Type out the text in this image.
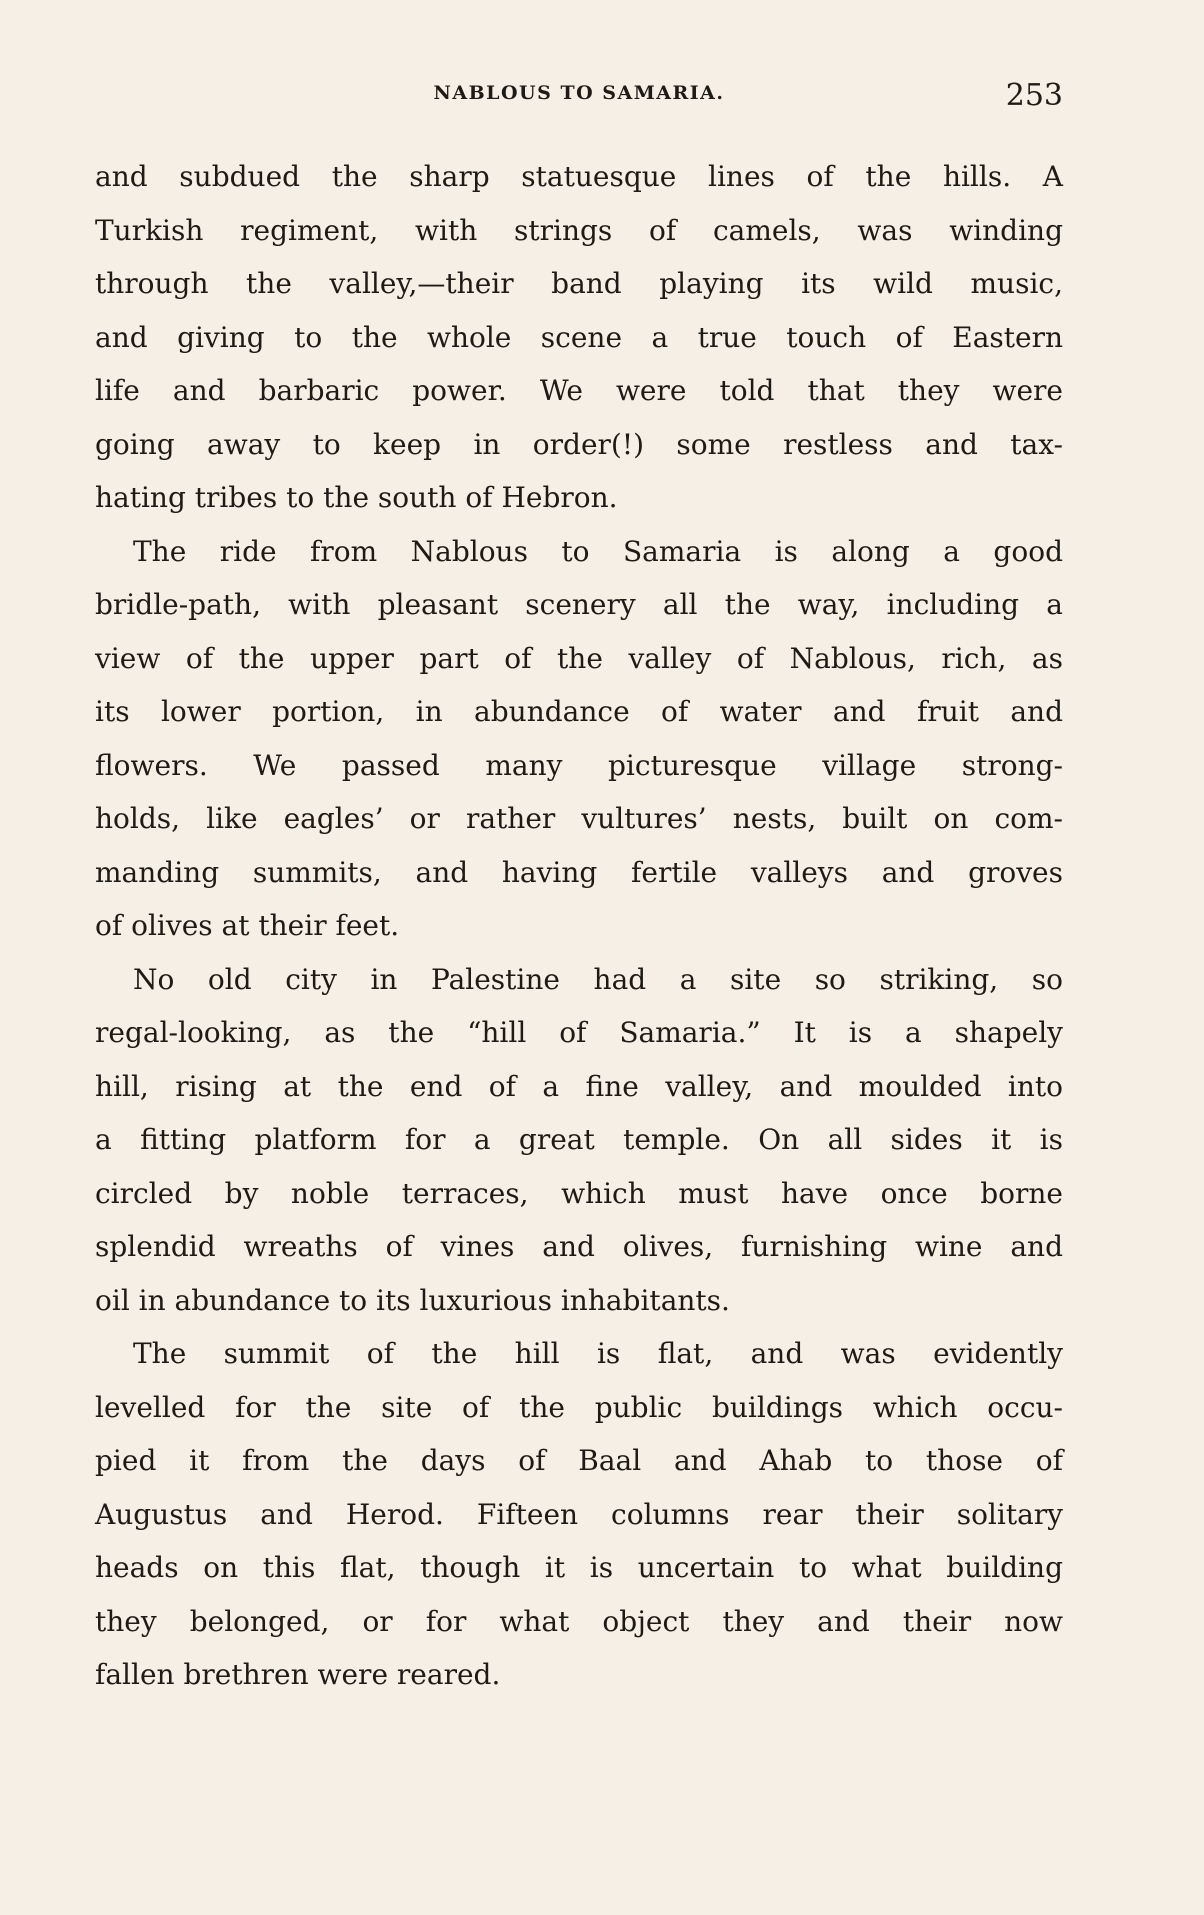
NABLOUS TO SAMARIA.	253
and subdued the sharp statuesque lines of the hills. A
Turkish regiment, with strings of camels, was winding
through the valley,—their band playing its wild music,
and giving to the whole scene a true touch of Eastern
life and barbaric power. We were told that they were
going away to keep in order(!) some restless and tax-
hating tribes to the south of Hebron.
The ride from Nablous to Samaria is along a good
bridle-path, with pleasant scenery all the way, including a
view of the upper part of the valley of Nablous, rich, as
its lower portion, in abundance of water and fruit and
flowers. We passed many picturesque village strong-
holds, like eagles’ or rather vultures’ nests, built on com-
manding summits, and having fertile valleys and groves
of olives at their feet.
No old city in Palestine had a site so striking, so
regal-looking, as the “hill of Samaria.” It is a shapely
hill, rising at the end of a fine valley, and moulded into
a fitting platform for a great temple. On all sides it is
circled by noble terraces, which must have once borne
splendid wreaths of vines and olives, furnishing wine and
oil in abundance to its luxurious inhabitants.
The summit of the hill is flat, and was evidently
levelled for the site of the public buildings which occu-
pied it from the days of Baal and Ahab to those of
Augustus and Herod. Fifteen columns rear their solitary
heads on this flat, though it is uncertain to what building
they belonged, or for what object they and their now
fallen brethren were reared.
